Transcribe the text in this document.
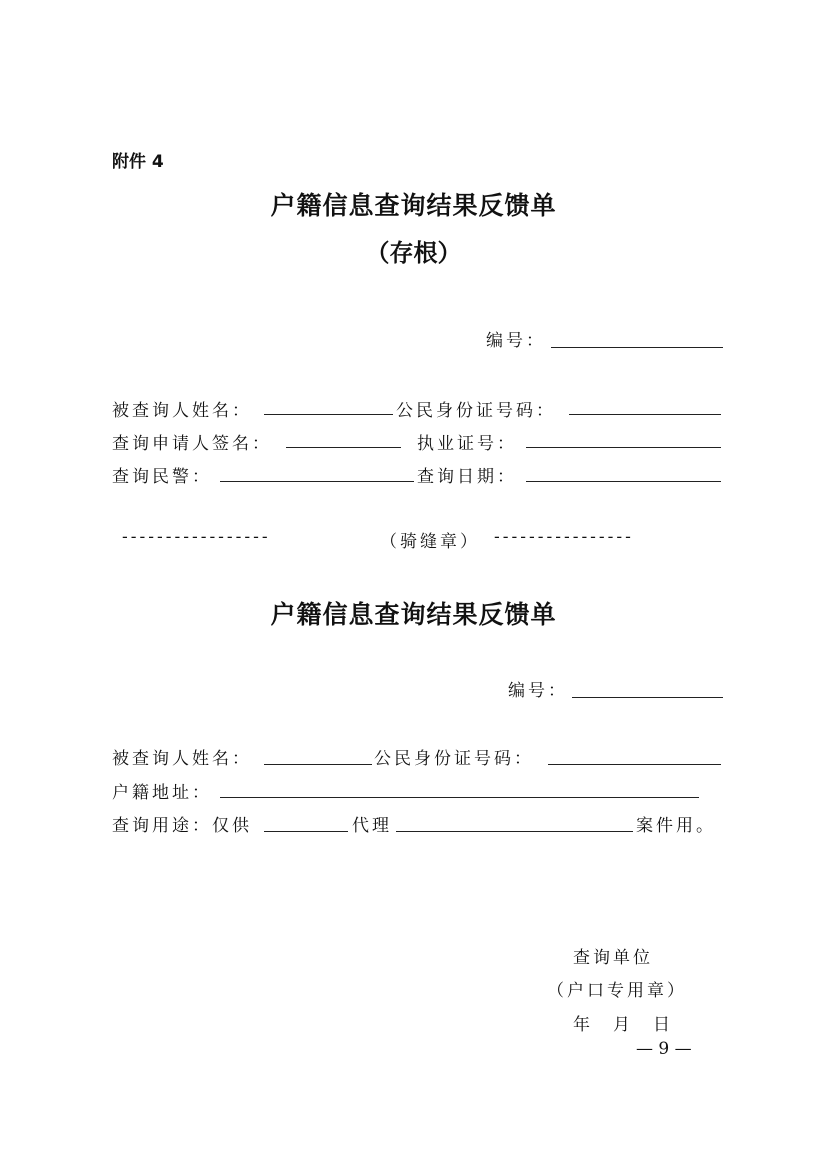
附件 4
户籍信息查询结果反馈单
（存根）
编号：
被查询人姓名：	公民身份证号码：
查询申请人签名：	执业证号：
查询民警：	查询日期：
-----------------	（骑缝章） ----------------
户籍信息查询结果反馈单
编号：
被查询人姓名：	公民身份证号码：
户籍地址：
查询用途：仅供	代理	案件用。
查询单位
（户口专用章）
年　月　日
— 9 —
